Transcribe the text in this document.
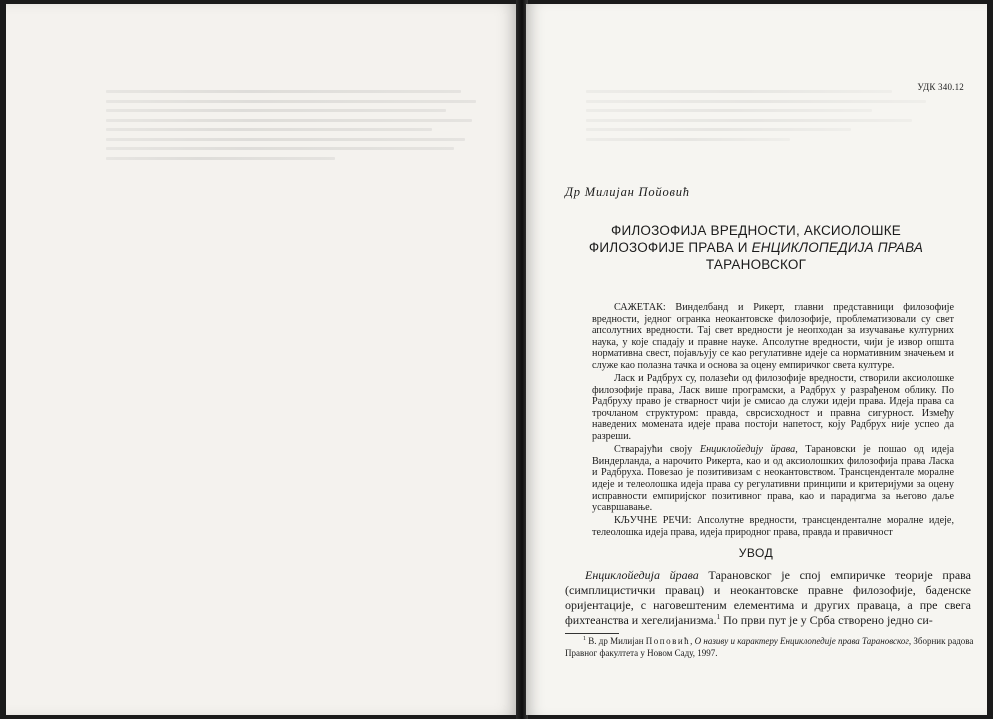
УДК 340.12
Др Милијан Пойовић
ФИЛОЗОФИЈА ВРЕДНОСТИ, АКСИОЛОШКЕ
ФИЛОЗОФИЈЕ ПРАВА И ЕНЦИКЛОПЕДИЈА ПРАВА
ТАРАНОВСКОГ

САЖЕТАК: Винделбанд и Рикерт, главни представници филозофије вредности, једног огранка неокантовске филозофије, проблематизовали су свет апсолутних вредности. Тај свет вредности је неопходан за изучавање културних наука, у које спадају и правне науке. Апсолутне вредности, чији је извор општа нормативна свест, појављују се као регулативне идеје са нормативним значењем и служе као полазна тачка и основа за оцену емпиричког света културе.

Ласк и Радбрух су, полазећи од филозофије вредности, створили аксиолошке филозофије права, Ласк више програмски, а Радбрух у разрађеном облику. По Радбруху право је стварност чији је смисао да служи идеји права. Идеја права са трочланом структуром: правда, сврсисходност и правна сигурност. Између наведених момената идеје права постоји напетост, коју Радбрух није успео да разреши.

Стварајући своју Енциклойедију йрава, Тарановски је пошао од идеја Виндерланда, а нарочито Рикерта, као и од аксиолошких филозофија права Ласка и Радбруха. Повезао је позитивизам с неокантовством. Трансцендентале моралне идеје и телеолошка идеја права су регулативни принципи и критеријуми за оцену исправности емпиријског позитивног права, као и парадигма за његово даље усавршавање.

КЉУЧНЕ РЕЧИ: Апсолутне вредности, трансценденталне моралне идеје, телеолошка идеја права, идеја природног права, правда и правичност

УВОД

Енциклойедија йрава Тарановског је спој емпиричке теорије права (симплицистички правац) и неокантовске правне филозофије, баденске оријентације, с наговештеним елементима и других праваца, а пре свега фихтеанства и хегелијанизма.$^1$ По први пут је у Срба створено једно си-

$^1$ В. др Милијан Поповић, О називу и карактеру Енциклопедије права Тарановског, Зборник радова Правног факултета у Новом Саду, 1997.
